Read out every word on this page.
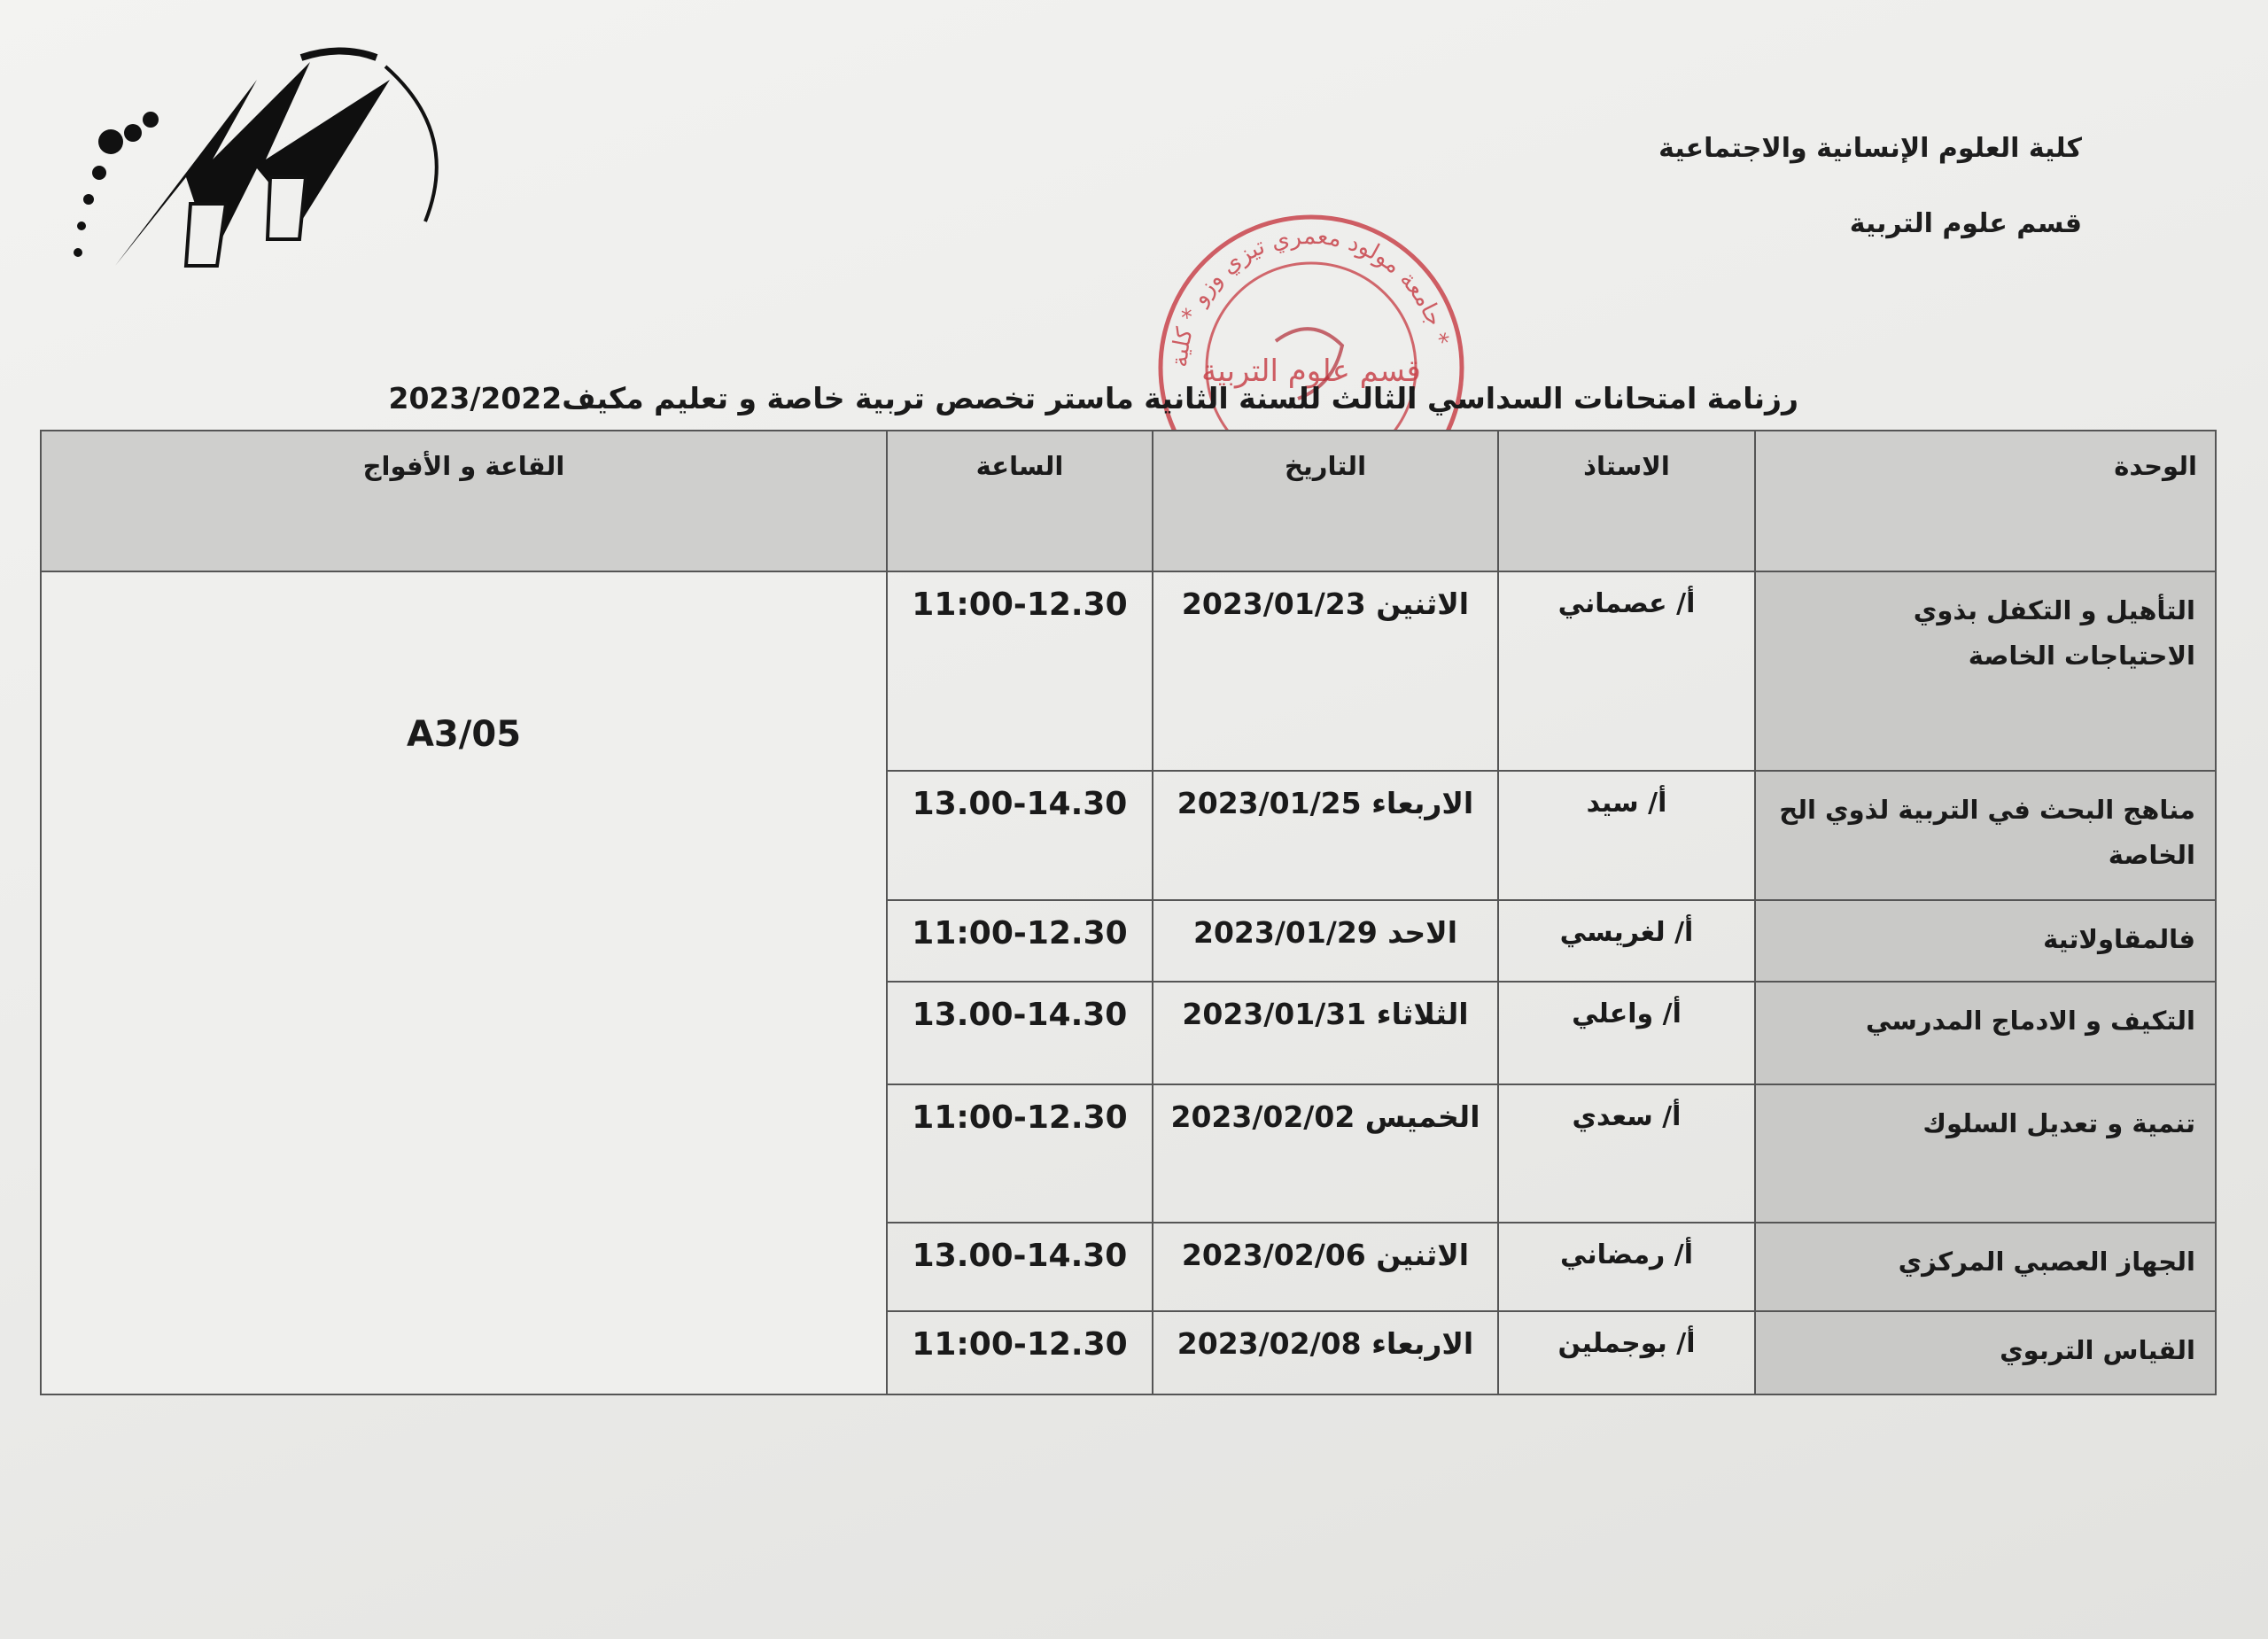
كلية العلوم الإنسانية والاجتماعية
قسم علوم التربية
جامعة مولود معمري تيزي وزو * كلية *
قسم علوم التربية
رزنامة امتحانات السداسي الثالث للسنة الثانية ماستر تخصص تربية خاصة و تعليم مكيف2023/2022
الوحدة	الاستاذ	التاريخ	الساعة	القاعة و الأفواج
التأهيل و التكفل بذوي الاحتياجات الخاصة	أ/ عصماني	الاثنين 2023/01/23	11:00-12.30	A3/05
مناهج البحث في التربية لذوي الح الخاصة	أ/ سيد	الاربعاء 2023/01/25	13.00-14.30	
فالمقاولاتية	أ/ لغريسي	الاحد 2023/01/29	11:00-12.30	
التكيف و الادماج المدرسي	أ/ واعلي	الثلاثاء 2023/01/31	13.00-14.30	
تنمية و تعديل السلوك	أ/ سعدي	الخميس 2023/02/02	11:00-12.30	
الجهاز العصبي المركزي	أ/ رمضاني	الاثنين 2023/02/06	13.00-14.30	
القياس التربوي	أ/ بوجملين	الاربعاء 2023/02/08	11:00-12.30	
